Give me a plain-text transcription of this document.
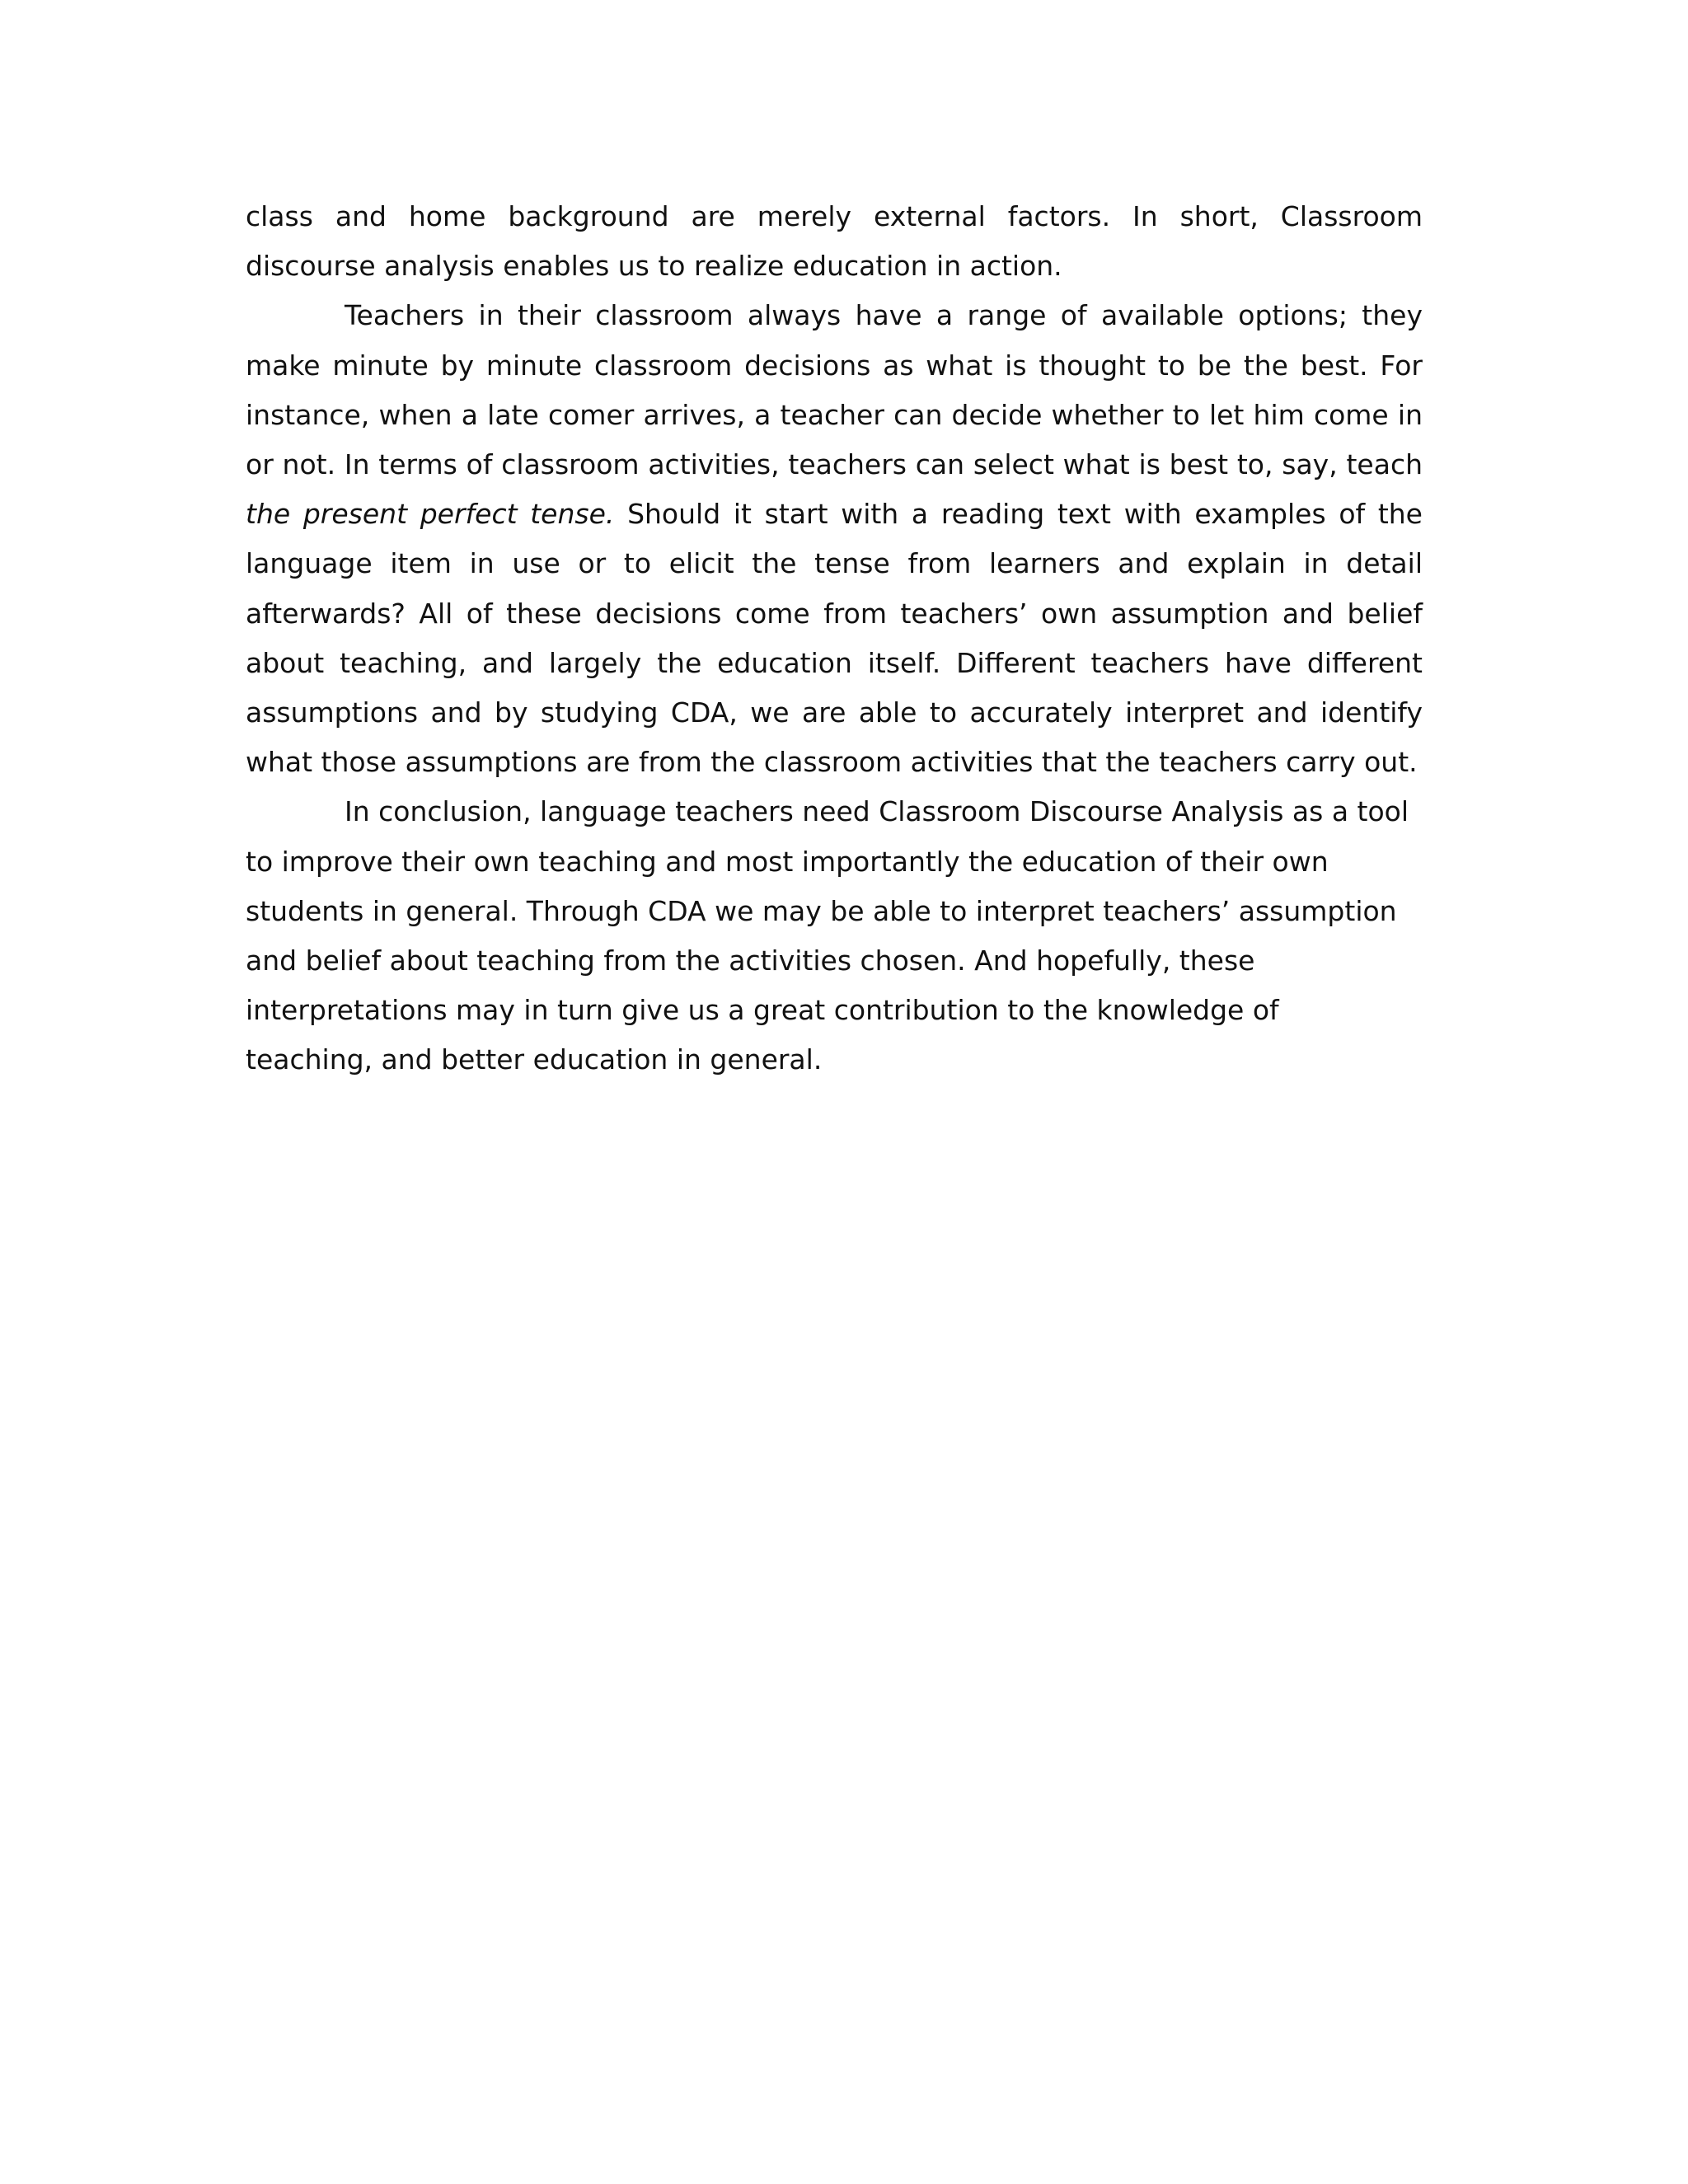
class and home background are merely external factors. In short, Classroom discourse analysis enables us to realize education in action.

Teachers in their classroom always have a range of available options; they make minute by minute classroom decisions as what is thought to be the best. For instance, when a late comer arrives, a teacher can decide whether to let him come in or not. In terms of classroom activities, teachers can select what is best to, say, teach the present perfect tense. Should it start with a reading text with examples of the language item in use or to elicit the tense from learners and explain in detail afterwards? All of these decisions come from teachers’ own assumption and belief about teaching, and largely the education itself. Different teachers have different assumptions and by studying CDA, we are able to accurately interpret and identify what those assumptions are from the classroom activities that the teachers carry out.

In conclusion, language teachers need Classroom Discourse Analysis as a tool to improve their own teaching and most importantly the education of their own students in general. Through CDA we may be able to interpret teachers’ assumption and belief about teaching from the activities chosen. And hopefully, these interpretations may in turn give us a great contribution to the knowledge of teaching, and better education in general.
